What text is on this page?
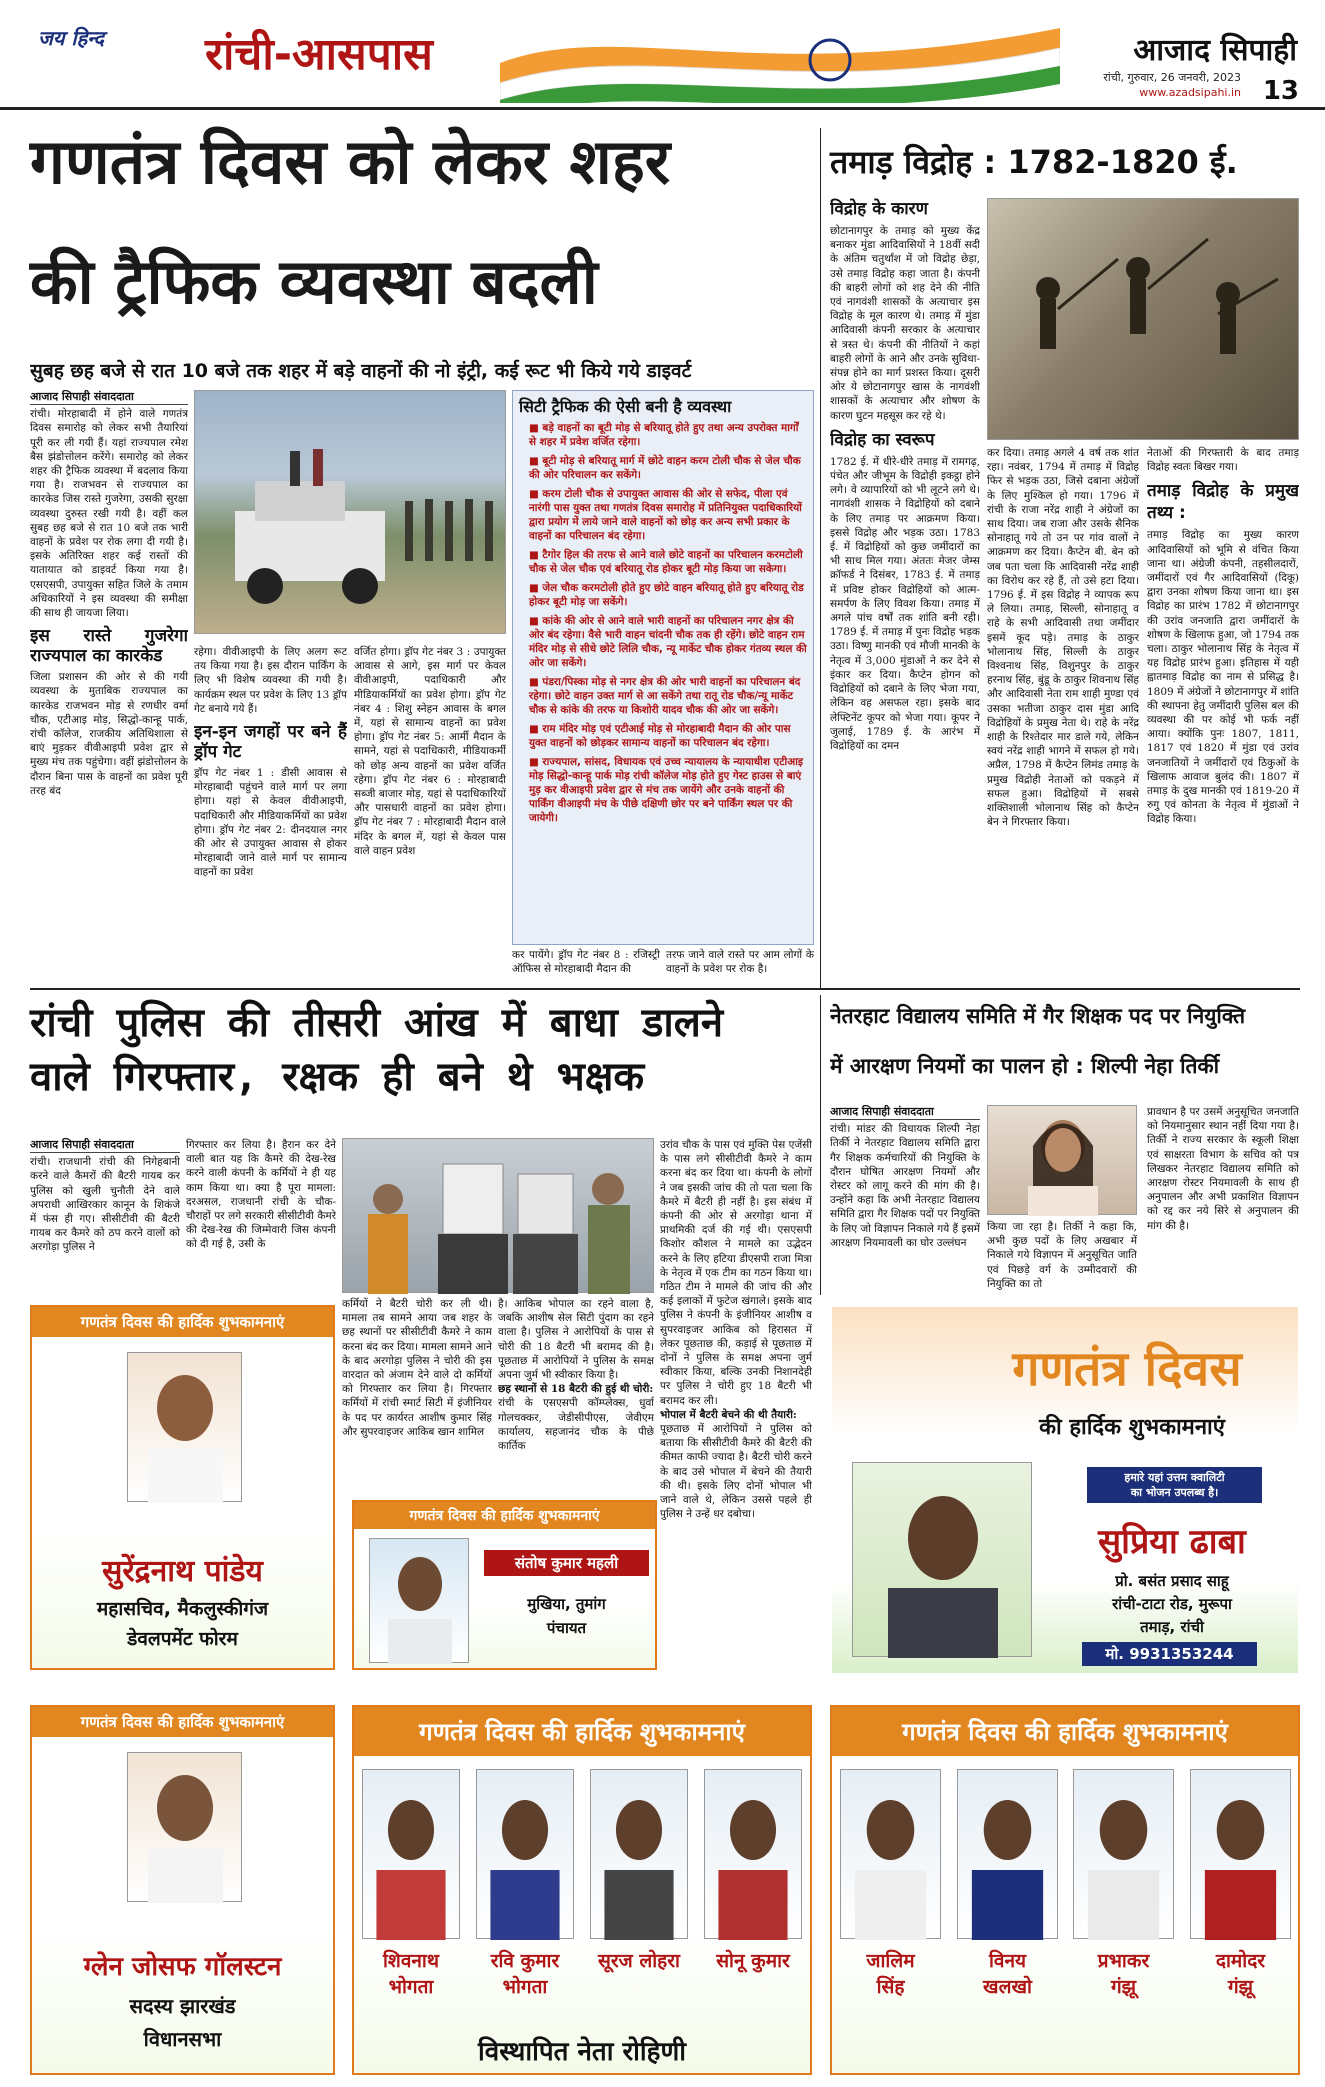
जय हिन्द	रांची-आसपास	आजाद सिपाही
रांची, गुरुवार, 26 जनवरी, 2023
www.azadsipahi.in 13
गणतंत्र दिवस को लेकर शहर
की ट्रैफिक व्यवस्था बदली
सुबह छह बजे से रात 10 बजे तक शहर में बड़े वाहनों की नो इंट्री, कई रूट भी किये गये डाइवर्ट
आजाद सिपाही संवाददाता

रांची। मोरहाबादी में होने वाले गणतंत्र दिवस समारोह को लेकर सभी तैयारियां पूरी कर ली गयी हैं। यहां राज्यपाल रमेश बैस झंडोत्तोलन करेंगे। समारोह को लेकर शहर की ट्रैफिक व्यवस्था में बदलाव किया गया है। राजभवन से राज्यपाल का कारकेड जिस रास्ते गुजरेगा, उसकी सुरक्षा व्यवस्था दुरुस्त रखी गयी है। वहीं कल सुबह छह बजे से रात 10 बजे तक भारी वाहनों के प्रवेश पर रोक लगा दी गयी है। इसके अतिरिक्त शहर कई रास्तों की यातायात को डाइवर्ट किया गया है। एसएसपी, उपायुक्त सहित जिले के तमाम अधिकारियों ने इस व्यवस्था की समीक्षा की साथ ही जायजा लिया।

इस रास्ते गुजरेगा राज्यपाल का कारकेड

जिला प्रशासन की ओर से की गयी व्यवस्था के मुताबिक राज्यपाल का कारकेड राजभवन मोड़ से रणधीर वर्मा चौक, एटीआइ मोड़, सिद्धो-कान्हू पार्क, रांची कॉलेज, राजकीय अतिथिशाला से बाएं मुड़कर वीवीआइपी प्रवेश द्वार से मुख्य मंच तक पहुंचेगा। वहीं झंडोत्तोलन के दौरान बिना पास के वाहनों का प्रवेश पूरी तरह बंद

रहेगा। वीवीआइपी के लिए अलग रूट तय किया गया है। इस दौरान पार्किंग के लिए भी विशेष व्यवस्था की गयी है। कार्यक्रम स्थल पर प्रवेश के लिए 13 ड्रॉप गेट बनाये गये हैं।

इन-इन जगहों पर बने हैं ड्रॉप गेट

ड्रॉप गेट नंबर 1 : डीसी आवास से मोरहाबादी पहुंचने वाले मार्ग पर लगा होगा। यहां से केवल वीवीआइपी, पदाधिकारी और मीडियाकर्मियों का प्रवेश होगा। ड्रॉप गेट नंबर 2: दीनदयाल नगर की ओर से उपायुक्त आवास से होकर मोरहाबादी जाने वाले मार्ग पर सामान्य वाहनों का प्रवेश

वर्जित होगा। ड्रॉप गेट नंबर 3 : उपायुक्त आवास से आगे, इस मार्ग पर केवल वीवीआइपी, पदाधिकारी और मीडियाकर्मियों का प्रवेश होगा। ड्रॉप गेट नंबर 4 : शिशु स्नेहन आवास के बगल में, यहां से सामान्य वाहनों का प्रवेश होगा। ड्रॉप गेट नंबर 5: आर्मी मैदान के सामने, यहां से पदाधिकारी, मीडियाकर्मी को छोड़ अन्य वाहनों का प्रवेश वर्जित रहेगा। ड्रॉप गेट नंबर 6 : मोरहाबादी सब्जी बाजार मोड़, यहां से पदाधिकारियों और पासधारी वाहनों का प्रवेश होगा। ड्रॉप गेट नंबर 7 : मोरहाबादी मैदान वाले मंदिर के बगल में, यहां से केवल पास वाले वाहन प्रवेश

सिटी ट्रैफिक की ऐसी बनी है व्यवस्था
■ बड़े वाहनों का बूटी मोड़ से बरियातू होते हुए तथा अन्य उपरोक्त मार्गों से शहर में प्रवेश वर्जित रहेगा।
■ बूटी मोड़ से बरियातू मार्ग में छोटे वाहन करम टोली चौक से जेल चौक की ओर परिचालन कर सकेंगे।
■ करम टोली चौक से उपायुक्त आवास की ओर से सफेद, पीला एवं नारंगी पास युक्त तथा गणतंत्र दिवस समारोह में प्रतिनियुक्त पदाधिकारियों द्वारा प्रयोग में लाये जाने वाले वाहनों को छोड़ कर अन्य सभी प्रकार के वाहनों का परिचालन बंद रहेगा।
■ टैगोर हिल की तरफ से आने वाले छोटे वाहनों का परिचालन करमटोली चौक से जेल चौक एवं बरियातू रोड होकर बूटी मोड़ किया जा सकेगा।
■ जेल चौक करमटोली होते हुए छोटे वाहन बरियातू होते हुए बरियातू रोड होकर बूटी मोड़ जा सकेंगे।
■ कांके की ओर से आने वाले भारी वाहनों का परिचालन नगर क्षेत्र की ओर बंद रहेगा। वैसे भारी वाहन चांदनी चौक तक ही रहेंगे। छोटे वाहन राम मंदिर मोड़ से सीधे छोटे लिलि चौक, न्यू मार्केट चौक होकर गंतव्य स्थल की ओर जा सकेंगे।
■ पंडरा/पिस्का मोड़ से नगर क्षेत्र की ओर भारी वाहनों का परिचालन बंद रहेगा। छोटे वाहन उक्त मार्ग से आ सकेंगे तथा रातू रोड चौक/न्यू मार्केट चौक से कांके की तरफ या किशोरी यादव चौक की ओर जा सकेंगे।
■ राम मंदिर मोड़ एवं एटीआई मोड़ से मोरहाबादी मैदान की ओर पास युक्त वाहनों को छोड़कर सामान्य वाहनों का परिचालन बंद रहेगा।
■ राज्यपाल, सांसद, विधायक एवं उच्च न्यायालय के न्यायाधीश एटीआइ मोड़ सिद्धो-कान्हू पार्क मोड़ रांची कॉलेज मोड़ होते हुए गेस्ट हाउस से बाएं मुड़ कर वीआइपी प्रवेश द्वार से मंच तक जायेंगे और उनके वाहनों की पार्किंग वीआइपी मंच के पीछे दक्षिणी छोर पर बने पार्किंग स्थल पर की जायेगी।

कर पायेंगे। ड्रॉप गेट नंबर 8 : रजिस्ट्री ऑफिस से मोरहाबादी मैदान की

तरफ जाने वाले रास्ते पर आम लोगों के वाहनों के प्रवेश पर रोक है।

तमाड़ विद्रोह : 1782-1820 ई.
विद्रोह के कारण

छोटानागपुर के तमाड़ को मुख्य केंद्र बनाकर मुंडा आदिवासियों ने 18वीं सदी के अंतिम चतुर्थांश में जो विद्रोह छेड़ा, उसे तमाड़ विद्रोह कहा जाता है। कंपनी की बाहरी लोगों को शह देने की नीति एवं नागवंशी शासकों के अत्याचार इस विद्रोह के मूल कारण थे। तमाड़ में मुंडा आदिवासी कंपनी सरकार के अत्याचार से त्रस्त थे। कंपनी की नीतियों ने कहां बाहरी लोगों के आने और उनके सुविधा-संपन्न होने का मार्ग प्रशस्त किया। दूसरी ओर ये छोटानागपुर खास के नागवंशी शासकों के अत्याचार और शोषण के कारण घुटन महसूस कर रहे थे।

विद्रोह का स्वरूप

1782 ई. में धीरे-धीरे तमाड़ में रामगढ़, पंचेत और जीभूम के विद्रोही इकट्ठा होने लगे। वे व्यापारियों को भी लूटने लगे थे। नागवंशी शासक ने विद्रोहियों को दबाने के लिए तमाड़ पर आक्रमण किया। इससे विद्रोह और भड़क उठा। 1783 ई. में विद्रोहियों को कुछ जमींदारों का भी साथ मिल गया। अंततः मेजर जेम्स क्रॉफर्ड ने दिसंबर, 1783 ई. में तमाड़ में प्रविष्ट होकर विद्रोहियों को आत्म-समर्पण के लिए विवश किया। तमाड़ में अगले पांच वर्षों तक शांति बनी रही। 1789 ई. में तमाड़ में पुनः विद्रोह भड़क उठा। विष्णु मानकी एवं मौजी मानकी के नेतृत्व में 3,000 मुंडाओं ने कर देने से इंकार कर दिया। कैप्टेन होगन को विद्रोहियों को दबाने के लिए भेजा गया, लेकिन वह असफल रहा। इसके बाद लेफ्टिनेंट कूपर को भेजा गया। कूपर ने जुलाई, 1789 ई. के आरंभ में विद्रोहियों का दमन

कर दिया। तमाड़ अगले 4 वर्ष तक शांत रहा। नवंबर, 1794 में तमाड़ में विद्रोह फिर से भड़क उठा, जिसे दबाना अंग्रेजों के लिए मुश्किल हो गया। 1796 में रांची के राजा नरेंद्र शाही ने अंग्रेजों का साथ दिया। जब राजा और उसके सैनिक सोनाहातू गये तो उन पर गांव वालों ने आक्रमण कर दिया। कैप्टेन बी. बेन को जब पता चला कि आदिवासी नरेंद्र शाही का विरोध कर रहे हैं, तो उसे हटा दिया। 1796 ई. में इस विद्रोह ने व्यापक रूप ले लिया। तमाड़, सिल्ली, सोनाहातू व राहे के सभी आदिवासी तथा जमींदार इसमें कूद पड़े। तमाड़ के ठाकुर भोलानाथ सिंह, सिल्ली के ठाकुर विश्वनाथ सिंह, विशुनपुर के ठाकुर हरनाथ सिंह, बुंडू के ठाकुर शिवनाथ सिंह और आदिवासी नेता राम शाही मुण्डा एवं उसका भतीजा ठाकुर दास मुंडा आदि विद्रोहियों के प्रमुख नेता थे। राहे के नरेंद्र शाही के रिश्तेदार मार डाले गये, लेकिन स्वयं नरेंद्र शाही भागने में सफल हो गये। अप्रैल, 1798 में कैप्टेन लिमंड तमाड़ के प्रमुख विद्रोही नेताओं को पकड़ने में सफल हुआ। विद्रोहियों में सबसे शक्तिशाली भोलानाथ सिंह को कैप्टेन बेन ने गिरफ्तार किया।

नेताओं की गिरफ्तारी के बाद तमाड़ विद्रोह स्वतः बिखर गया।

तमाड़ विद्रोह के प्रमुख तथ्य :

तमाड़ विद्रोह का मुख्य कारण आदिवासियों को भूमि से वंचित किया जाना था। अंग्रेजी कंपनी, तहसीलदारों, जमींदारों एवं गैर आदिवासियों (दिकू) द्वारा उनका शोषण किया जाना था। इस विद्रोह का प्रारंभ 1782 में छोटानागपुर की उरांव जनजाति द्वारा जमींदारों के शोषण के खिलाफ हुआ, जो 1794 तक चला। ठाकुर भोलानाथ सिंह के नेतृत्व में यह विद्रोह प्रारंभ हुआ। इतिहास में यही ह्वातमाड़ विद्रोह का नाम से प्रसिद्ध है। 1809 में अंग्रेजों ने छोटानागपुर में शांति की स्थापना हेतु जमींदारी पुलिस बल की व्यवस्था की पर कोई भी फर्क नहीं आया। क्योंकि पुनः 1807, 1811, 1817 एवं 1820 में मुंडा एवं उरांव जनजातियों ने जमींदारों एवं ठिकुओं के खिलाफ आवाज बुलंद की। 1807 में तमाड़ के दुख मानकी एवं 1819-20 में रुगु एवं कोनता के नेतृत्व में मुंडाओं ने विद्रोह किया।

रांची पुलिस की तीसरी आंख में बाधा डालने
वाले गिरफ्तार, रक्षक ही बने थे भक्षक
आजाद सिपाही संवाददाता

रांची। राजधानी रांची की निगेहबानी करने वाले कैमरों की बैटरी गायब कर पुलिस को खुली चुनौती देने वाले अपराधी आखिरकार कानून के शिकंजे में फंस ही गए। सीसीटीवी की बैटरी गायब कर कैमरे को ठप करने वालों को अरगोड़ा पुलिस ने

गिरफ्तार कर लिया है। हैरान कर देने वाली बात यह कि कैमरे की देख-रेख करने वाली कंपनी के कर्मियों ने ही यह काम किया था। क्या है पूरा मामला: दरअसल, राजधानी रांची के चौक-चौराहों पर लगे सरकारी सीसीटीवी कैमरे की देख-रेख की जिम्मेवारी जिस कंपनी को दी गई है, उसी के

कर्मियों ने बैटरी चोरी कर ली थी। मामला तब सामने आया जब शहर के छह स्थानों पर सीसीटीवी कैमरे ने काम करना बंद कर दिया। मामला सामने आने के बाद अरगोड़ा पुलिस ने चोरी की इस वारदात को अंजाम देने वाले दो कर्मियों को गिरफ्तार कर लिया है। गिरफ्तार कर्मियों में रांची स्मार्ट सिटी में इंजीनियर के पद पर कार्यरत आशीष कुमार सिंह और सुपरवाइजर आकिब खान शामिल

है। आकिब भोपाल का रहने वाला है, जबकि आशीष सेल सिटी पुंदाग का रहने वाला है। पुलिस ने आरोपियों के पास से चोरी की 18 बैटरी भी बरामद की है। पूछताछ में आरोपियों ने पुलिस के समक्ष अपना जुर्म भी स्वीकार किया है।

छह स्थानों से 18 बैटरी की हुई थी चोरी:

रांची के एसएसपी कॉम्प्लेक्स, धुर्वा गोलचक्कर, जेडीसीपीएस, जेवीएम कार्यालय, सहजानंद चौक के पीछे कार्तिक

उरांव चौक के पास एवं मुक्ति पेस एजेंसी के पास लगे सीसीटीवी कैमरे ने काम करना बंद कर दिया था। कंपनी के लोगों ने जब इसकी जांच की तो पता चला कि कैमरे में बैटरी ही नहीं है। इस संबंध में कंपनी की ओर से अरगोड़ा थाना में प्राथमिकी दर्ज की गई थी। एसएसपी किशोर कौशल ने मामले का उद्भेदन करने के लिए हटिया डीएसपी राजा मित्रा के नेतृत्व में एक टीम का गठन किया था। गठित टीम ने मामले की जांच की और कई इलाकों में फुटेज खंगाले। इसके बाद पुलिस ने कंपनी के इंजीनियर आशीष व सुपरवाइजर आकिब को हिरासत में लेकर पूछताछ की, कड़ाई से पूछताछ में दोनों ने पुलिस के समक्ष अपना जुर्म स्वीकार किया, बल्कि उनकी निशानदेही पर पुलिस ने चोरी हुए 18 बैटरी भी बरामद कर ली।

भोपाल में बैटरी बेचने की थी तैयारी:

पूछताछ में आरोपियों ने पुलिस को बताया कि सीसीटीवी कैमरे की बैटरी की कीमत काफी ज्यादा है। बैटरी चोरी करने के बाद उसे भोपाल में बेचने की तैयारी की थी। इसके लिए दोनों भोपाल भी जाने वाले थे, लेकिन उससे पहले ही पुलिस ने उन्हें धर दबोचा।

नेतरहाट विद्यालय समिति में गैर शिक्षक पद पर नियुक्ति
में आरक्षण नियमों का पालन हो : शिल्पी नेहा तिर्की
आजाद सिपाही संवाददाता

रांची। मांडर की विधायक शिल्पी नेहा तिर्की ने नेतरहाट विद्यालय समिति द्वारा गैर शिक्षक कर्मचारियों की नियुक्ति के दौरान घोषित आरक्षण नियमों और रोस्टर को लागू करने की मांग की है। उन्होंने कहा कि अभी नेतरहाट विद्यालय समिति द्वारा गैर शिक्षक पदों पर नियुक्ति के लिए जो विज्ञापन निकाले गये हैं इसमें आरक्षण नियमावली का घोर उल्लंघन

किया जा रहा है। तिर्की ने कहा कि, अभी कुछ पदों के लिए अखबार में निकाले गये विज्ञापन में अनुसूचित जाति एवं पिछड़े वर्ग के उम्मीदवारों की नियुक्ति का तो

प्रावधान है पर उसमें अनुसूचित जनजाति को नियमानुसार स्थान नहीं दिया गया है। तिर्की ने राज्य सरकार के स्कूली शिक्षा एवं साक्षरता विभाग के सचिव को पत्र लिखकर नेतरहाट विद्यालय समिति को आरक्षण रोस्टर नियमावली के साथ ही अनुपालन और अभी प्रकाशित विज्ञापन को रद्द कर नये सिरे से अनुपालन की मांग की है।

गणतंत्र दिवस की हार्दिक शुभकामनाएं
सुरेंद्रनाथ पांडेय
महासचिव, मैकलुस्कीगंज
डेवलपमेंट फोरम
गणतंत्र दिवस की हार्दिक शुभकामनाएं
संतोष कुमार महली
मुखिया, तुमांग
पंचायत
गणतंत्र दिवस
की हार्दिक शुभकामनाएं
हमारे यहां उत्तम क्वालिटी
का भोजन उपलब्ध है।
सुप्रिया ढाबा
प्रो. बसंत प्रसाद साहू
रांची-टाटा रोड, मुरूपा
तमाड़, रांची
मो. 9931353244
गणतंत्र दिवस की हार्दिक शुभकामनाएं
ग्लेन जोसफ गॉलस्टन
सदस्य झारखंड
विधानसभा
गणतंत्र दिवस की हार्दिक शुभकामनाएं
शिवनाथ
भोगता
रवि कुमार
भोगता
सूरज लोहरा	सोनू कुमार
विस्थापित नेता रोहिणी
गणतंत्र दिवस की हार्दिक शुभकामनाएं
जालिम
सिंह
विनय
खलखो
प्रभाकर
गंझू
दामोदर
गंझू
